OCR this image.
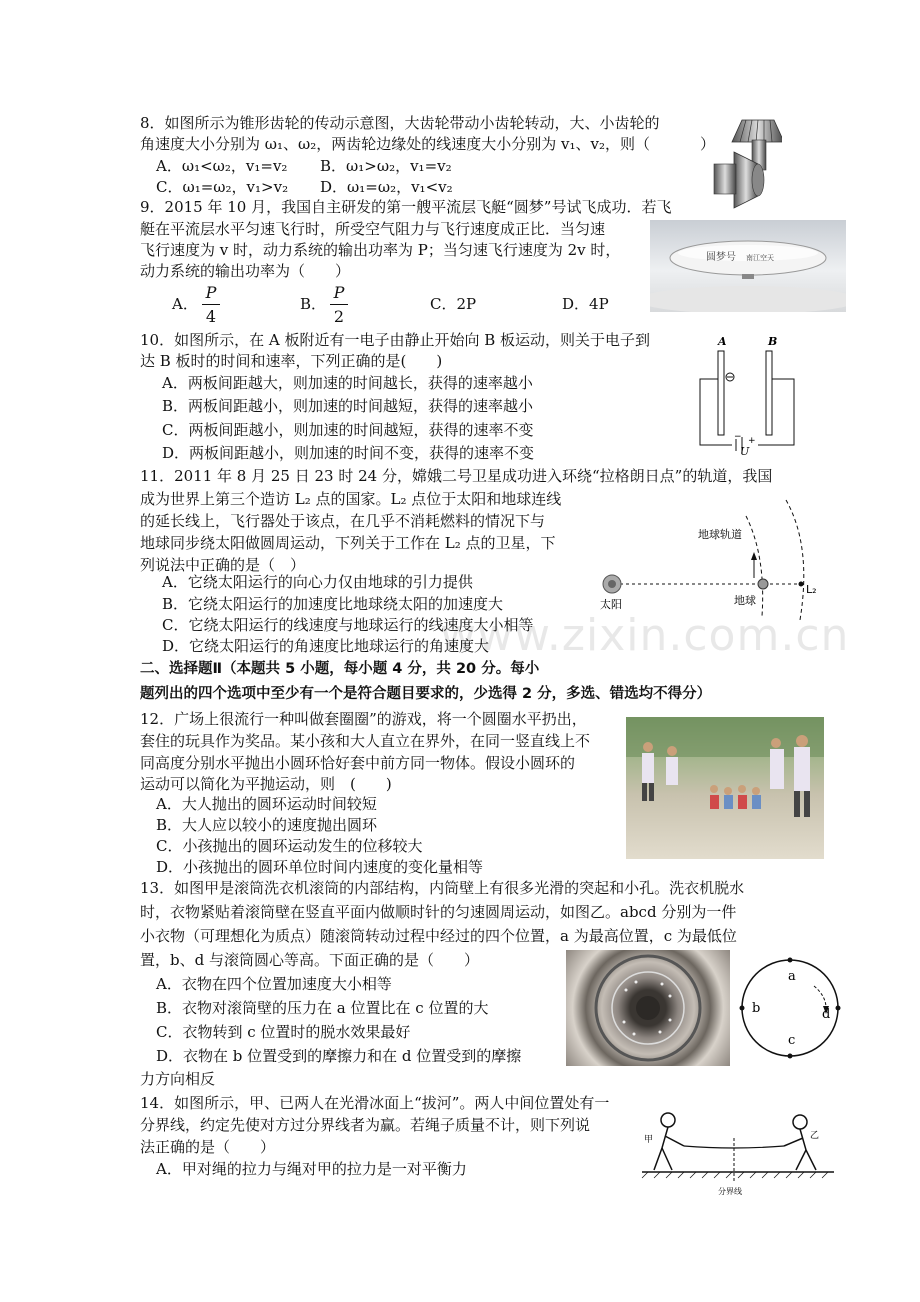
www.zixin.com.cn
8．如图所示为锥形齿轮的传动示意图，大齿轮带动小齿轮转动，大、小齿轮的
角速度大小分别为 ω₁、ω₂，两齿轮边缘处的线速度大小分别为 v₁、v₂，则（	）
A．ω₁<ω₂，v₁=v₂ B．ω₁>ω₂，v₁=v₂
C．ω₁=ω₂，v₁>v₂ D．ω₁=ω₂，v₁<v₂
9．2015 年 10 月，我国自主研发的第一艘平流层飞艇“圆梦”号试飞成功．若飞
艇在平流层水平匀速飞行时，所受空气阻力与飞行速度成正比．当匀速
飞行速度为 v 时，动力系统的输出功率为 P；当匀速飞行速度为 2v 时，
动力系统的输出功率为（　　）
A．
P
4
B．
P
2
C．2P	D．4P
圆梦号 南江空天
10．如图所示，在 A 板附近有一电子由静止开始向 B 板运动，则关于电子到
达 B 板时的时间和速率，下列正确的是(　　)
A．两板间距越大，则加速的时间越长，获得的速率越小
B．两板间距越小，则加速的时间越短，获得的速率越小
C．两板间距越小，则加速的时间越短，获得的速率不变
D．两板间距越小，则加速的时间不变，获得的速率不变
A	B
− +
U
11．2011 年 8 月 25 日 23 时 24 分，嫦娥二号卫星成功进入环绕“拉格朗日点”的轨道，我国
成为世界上第三个造访 L₂ 点的国家。L₂ 点位于太阳和地球连线
的延长线上，飞行器处于该点，在几乎不消耗燃料的情况下与
地球同步绕太阳做圆周运动，下列关于工作在 L₂ 点的卫星，下
列说法中正确的是（　）
A．它绕太阳运行的向心力仅由地球的引力提供
B．它绕太阳运行的加速度比地球绕太阳的加速度大
C．它绕太阳运行的线速度与地球运行的线速度大小相等
D．它绕太阳运行的角速度比地球运行的角速度大
地球轨道
太阳	地球
L₂
二、选择题Ⅱ（本题共 5 小题，每小题 4 分，共 20 分。每小
题列出的四个选项中至少有一个是符合题目要求的，少选得 2 分，多选、错选均不得分）
12．广场上很流行一种叫做套圈圈”的游戏，将一个圆圈水平扔出，
套住的玩具作为奖品。某小孩和大人直立在界外，在同一竖直线上不
同高度分别水平抛出小圆环恰好套中前方同一物体。假设小圆环的
运动可以简化为平抛运动，则　(　　)
A．大人抛出的圆环运动时间较短
B．大人应以较小的速度抛出圆环
C．小孩抛出的圆环运动发生的位移较大
D．小孩抛出的圆环单位时间内速度的变化量相等
13．如图甲是滚筒洗衣机滚筒的内部结构，内筒壁上有很多光滑的突起和小孔。洗衣机脱水
时，衣物紧贴着滚筒壁在竖直平面内做顺时针的匀速圆周运动，如图乙。abcd 分别为一件
小衣物（可理想化为质点）随滚筒转动过程中经过的四个位置，a 为最高位置，c 为最低位
置，b、d 与滚筒圆心等高。下面正确的是（　　）
A．衣物在四个位置加速度大小相等
B．衣物对滚筒壁的压力在 a 位置比在 c 位置的大
C．衣物转到 c 位置时的脱水效果最好
D．衣物在 b 位置受到的摩擦力和在 d 位置受到的摩擦
力方向相反
a
b
c
d
14．如图所示，甲、已两人在光滑冰面上“拔河”。两人中间位置处有一
分界线，约定先使对方过分界线者为赢。若绳子质量不计，则下列说
法正确的是（　　）
A．甲对绳的拉力与绳对甲的拉力是一对平衡力
甲	乙
分界线
